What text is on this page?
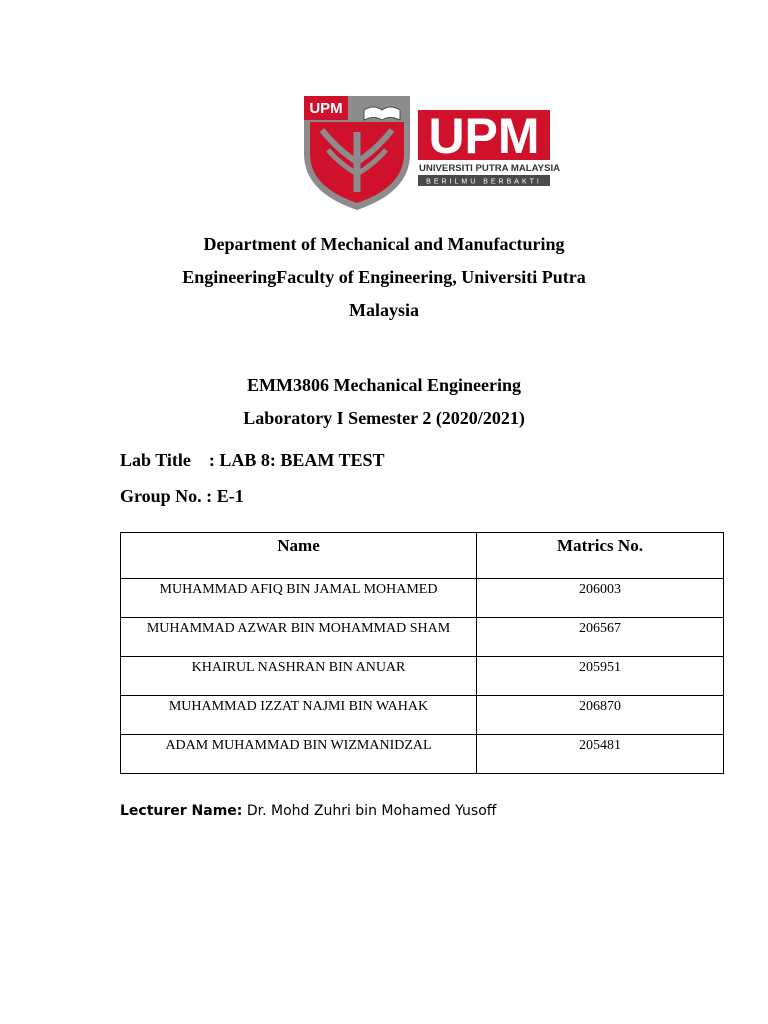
UPM UPM
UNIVERSITI PUTRA MALAYSIA
BERILMU BERBAKTI
Department of Mechanical and Manufacturing
EngineeringFaculty of Engineering, Universiti Putra
Malaysia
EMM3806 Mechanical Engineering
Laboratory I Semester 2 (2020/2021)
Lab Title : LAB 8: BEAM TEST
Group No. : E-1
Name	Matrics No.
MUHAMMAD AFIQ BIN JAMAL MOHAMED	206003
MUHAMMAD AZWAR BIN MOHAMMAD SHAM	206567
KHAIRUL NASHRAN BIN ANUAR	205951
MUHAMMAD IZZAT NAJMI BIN WAHAK	206870
ADAM MUHAMMAD BIN WIZMANIDZAL	205481
Lecturer Name: Dr. Mohd Zuhri bin Mohamed Yusoff
